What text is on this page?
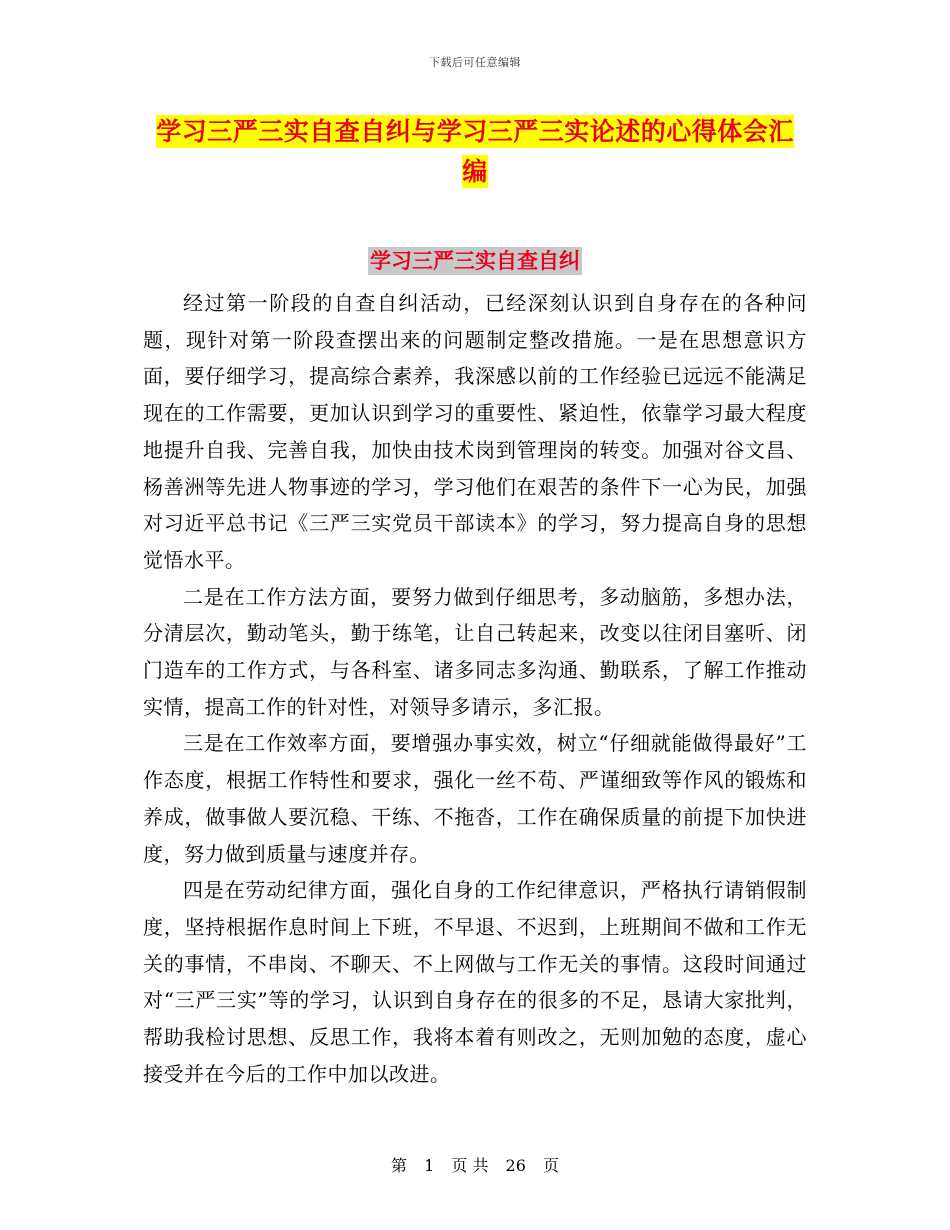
下载后可任意编辑
学习三严三实自查自纠与学习三严三实论述的心得体会汇编
学习三严三实自查自纠

经过第一阶段的自查自纠活动，已经深刻认识到自身存在的各种问题，现针对第一阶段查摆出来的问题制定整改措施。一是在思想意识方面，要仔细学习，提高综合素养，我深感以前的工作经验已远远不能满足现在的工作需要，更加认识到学习的重要性、紧迫性，依靠学习最大程度地提升自我、完善自我，加快由技术岗到管理岗的转变。加强对谷文昌、杨善洲等先进人物事迹的学习，学习他们在艰苦的条件下一心为民，加强对习近平总书记《三严三实党员干部读本》的学习，努力提高自身的思想觉悟水平。

二是在工作方法方面，要努力做到仔细思考，多动脑筋，多想办法，分清层次，勤动笔头，勤于练笔，让自己转起来，改变以往闭目塞听、闭门造车的工作方式，与各科室、诸多同志多沟通、勤联系，了解工作推动实情，提高工作的针对性，对领导多请示，多汇报。

三是在工作效率方面，要增强办事实效，树立“仔细就能做得最好”工作态度，根据工作特性和要求，强化一丝不苟、严谨细致等作风的锻炼和养成，做事做人要沉稳、干练、不拖沓，工作在确保质量的前提下加快进度，努力做到质量与速度并存。

四是在劳动纪律方面，强化自身的工作纪律意识，严格执行请销假制度，坚持根据作息时间上下班，不早退、不迟到，上班期间不做和工作无关的事情，不串岗、不聊天、不上网做与工作无关的事情。这段时间通过对“三严三实”等的学习，认识到自身存在的很多的不足，恳请大家批判，帮助我检讨思想、反思工作，我将本着有则改之，无则加勉的态度，虚心接受并在今后的工作中加以改进。

第 1 页 共 26 页
